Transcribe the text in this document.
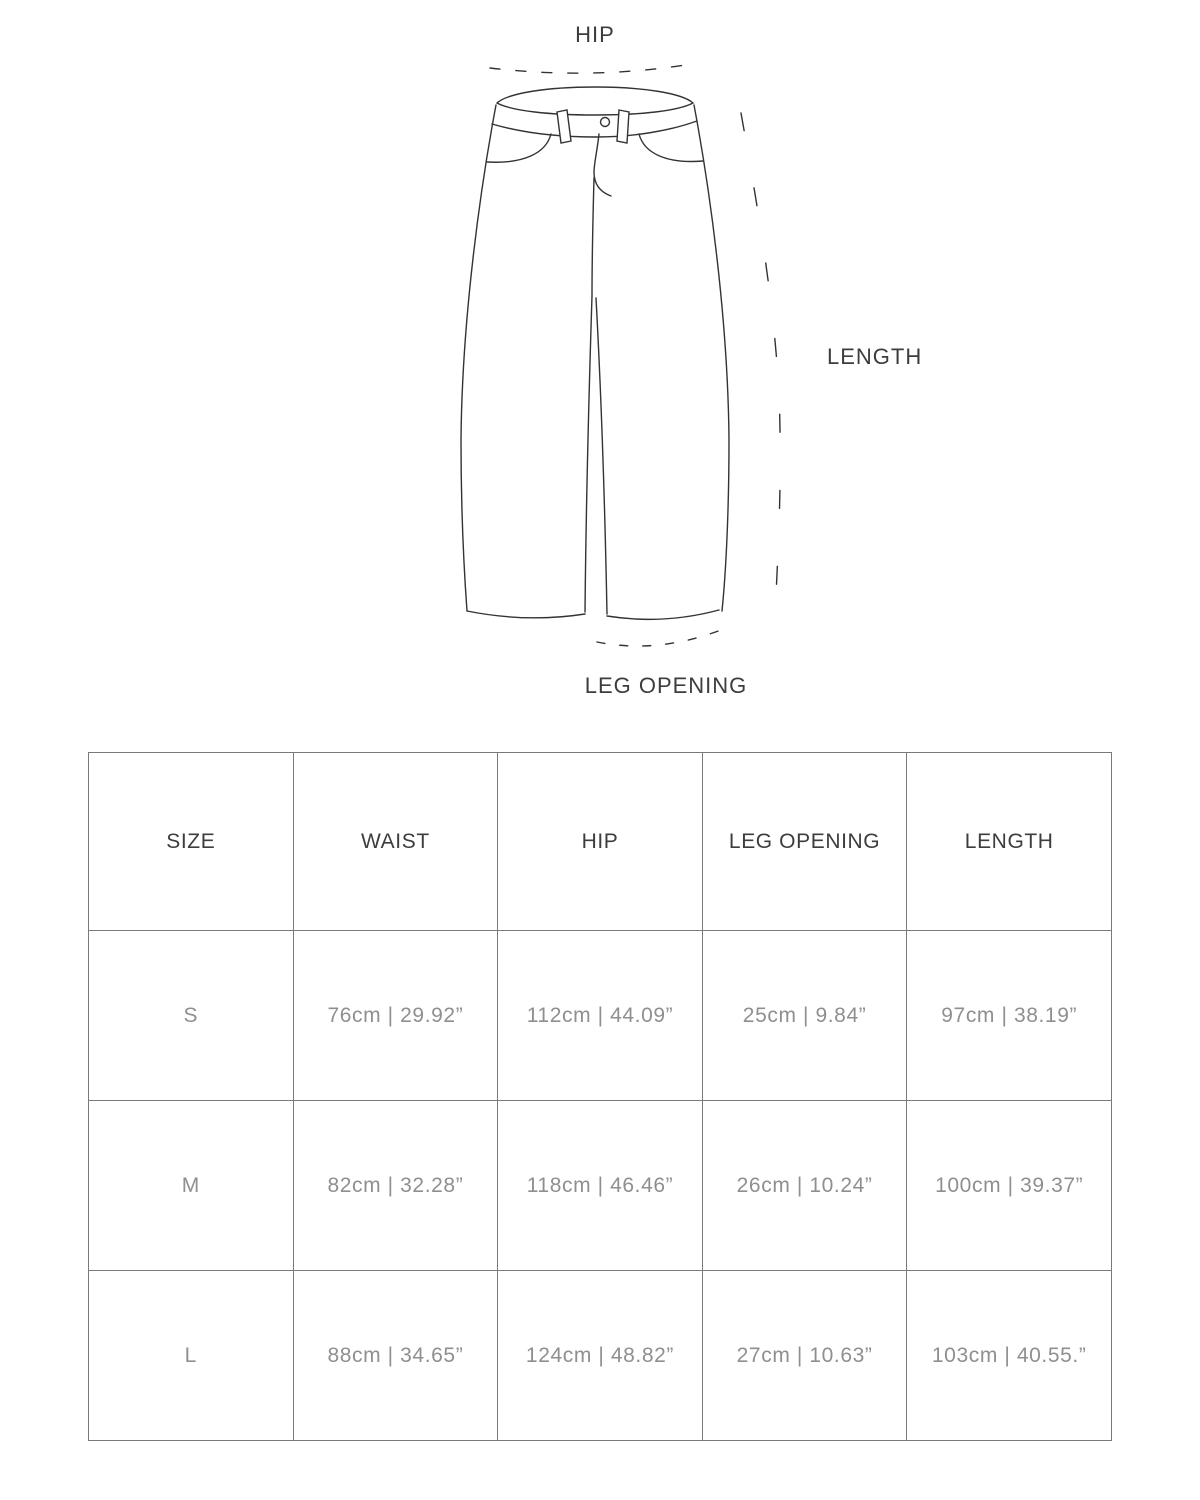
HIP
LENGTH
LEG OPENING
SIZE	WAIST	HIP	LEG OPENING	LENGTH
S	76cm | 29.92”	112cm | 44.09”	25cm | 9.84”	97cm | 38.19”
M	82cm | 32.28”	118cm | 46.46”	26cm | 10.24”	100cm | 39.37”
L	88cm | 34.65”	124cm | 48.82”	27cm | 10.63”	103cm | 40.55.”
